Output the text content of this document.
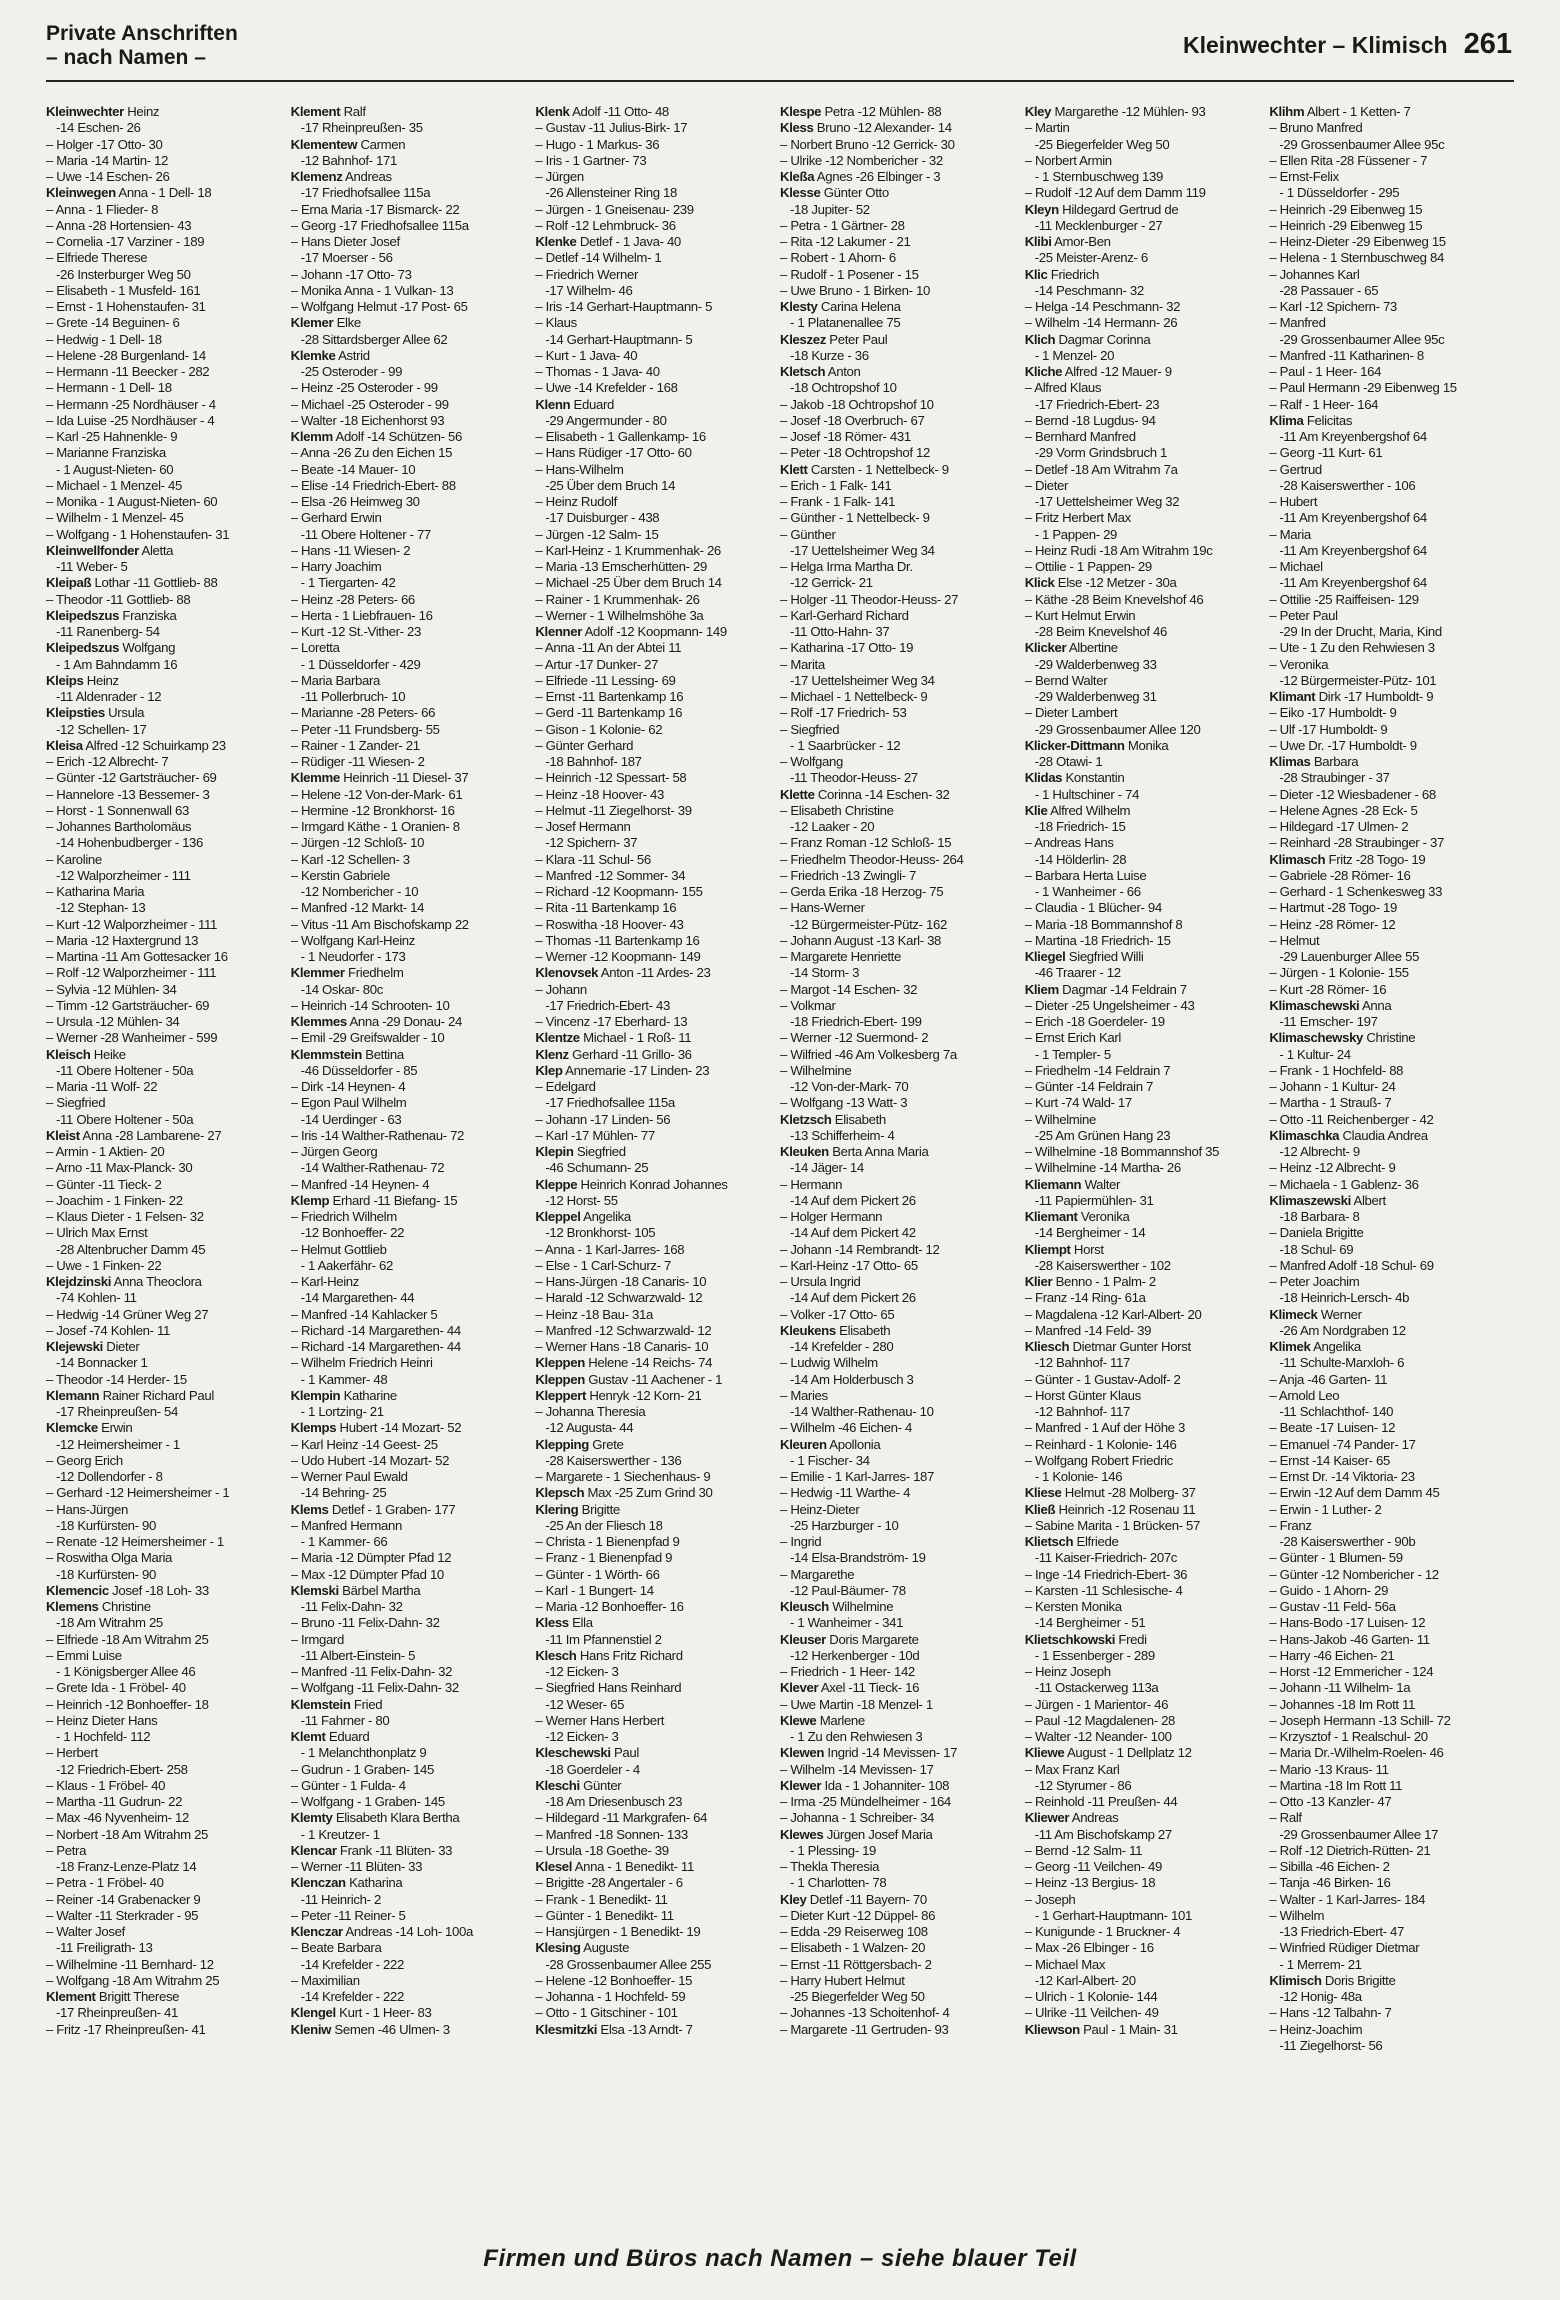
Private Anschriften
– nach Namen –	Kleinwechter – Klimisch 261
Kleinwechter Heinz
-14 Eschen- 26
– Holger -17 Otto- 30
– Maria -14 Martin- 12
– Uwe -14 Eschen- 26
Kleinwegen Anna - 1 Dell- 18
– Anna - 1 Flieder- 8
– Anna -28 Hortensien- 43
– Cornelia -17 Varziner - 189
– Elfriede Therese
-26 Insterburger Weg 50
– Elisabeth - 1 Musfeld- 161
– Ernst - 1 Hohenstaufen- 31
– Grete -14 Beguinen- 6
– Hedwig - 1 Dell- 18
– Helene -28 Burgenland- 14
– Hermann -11 Beecker - 282
– Hermann - 1 Dell- 18
– Hermann -25 Nordhäuser - 4
– Ida Luise -25 Nordhäuser - 4
– Karl -25 Hahnenkle- 9
– Marianne Franziska
- 1 August-Nieten- 60
– Michael - 1 Menzel- 45
– Monika - 1 August-Nieten- 60
– Wilhelm - 1 Menzel- 45
– Wolfgang - 1 Hohenstaufen- 31
Kleinwellfonder Aletta
-11 Weber- 5
Kleipaß Lothar -11 Gottlieb- 88
– Theodor -11 Gottlieb- 88
Kleipedszus Franziska
-11 Ranenberg- 54
Kleipedszus Wolfgang
- 1 Am Bahndamm 16
Kleips Heinz
-11 Aldenrader - 12
Kleipsties Ursula
-12 Schellen- 17
Kleisa Alfred -12 Schuirkamp 23
– Erich -12 Albrecht- 7
– Günter -12 Gartsträucher- 69
– Hannelore -13 Bessemer- 3
– Horst - 1 Sonnenwall 63
– Johannes Bartholomäus
-14 Hohenbudberger - 136
– Karoline
-12 Walporzheimer - 111
– Katharina Maria
-12 Stephan- 13
– Kurt -12 Walporzheimer - 111
– Maria -12 Haxtergrund 13
– Martina -11 Am Gottesacker 16
– Rolf -12 Walporzheimer - 111
– Sylvia -12 Mühlen- 34
– Timm -12 Gartsträucher- 69
– Ursula -12 Mühlen- 34
– Werner -28 Wanheimer - 599
Kleisch Heike
-11 Obere Holtener - 50a
– Maria -11 Wolf- 22
– Siegfried
-11 Obere Holtener - 50a
Kleist Anna -28 Lambarene- 27
– Armin - 1 Aktien- 20
– Arno -11 Max-Planck- 30
– Günter -11 Tieck- 2
– Joachim - 1 Finken- 22
– Klaus Dieter - 1 Felsen- 32
– Ulrich Max Ernst
-28 Altenbrucher Damm 45
– Uwe - 1 Finken- 22
Klejdzinski Anna Theoclora
-74 Kohlen- 11
– Hedwig -14 Grüner Weg 27
– Josef -74 Kohlen- 11
Klejewski Dieter
-14 Bonnacker 1
– Theodor -14 Herder- 15
Klemann Rainer Richard Paul
-17 Rheinpreußen- 54
Klemcke Erwin
-12 Heimersheimer - 1
– Georg Erich
-12 Dollendorfer - 8
– Gerhard -12 Heimersheimer - 1
– Hans-Jürgen
-18 Kurfürsten- 90
– Renate -12 Heimersheimer - 1
– Roswitha Olga Maria
-18 Kurfürsten- 90
Klemencic Josef -18 Loh- 33
Klemens Christine
-18 Am Witrahm 25
– Elfriede -18 Am Witrahm 25
– Emmi Luise
- 1 Königsberger Allee 46
– Grete Ida - 1 Fröbel- 40
– Heinrich -12 Bonhoeffer- 18
– Heinz Dieter Hans
- 1 Hochfeld- 112
– Herbert
-12 Friedrich-Ebert- 258
– Klaus - 1 Fröbel- 40
– Martha -11 Gudrun- 22
– Max -46 Nyvenheim- 12
– Norbert -18 Am Witrahm 25
– Petra
-18 Franz-Lenze-Platz 14
– Petra - 1 Fröbel- 40
– Reiner -14 Grabenacker 9
– Walter -11 Sterkrader - 95
– Walter Josef
-11 Freiligrath- 13
– Wilhelmine -11 Bernhard- 12
– Wolfgang -18 Am Witrahm 25
Klement Brigitt Therese
-17 Rheinpreußen- 41
– Fritz -17 Rheinpreußen- 41
Klement Ralf
-17 Rheinpreußen- 35
Klementew Carmen
-12 Bahnhof- 171
Klemenz Andreas
-17 Friedhofsallee 115a
– Erna Maria -17 Bismarck- 22
– Georg -17 Friedhofsallee 115a
– Hans Dieter Josef
-17 Moerser - 56
– Johann -17 Otto- 73
– Monika Anna - 1 Vulkan- 13
– Wolfgang Helmut -17 Post- 65
Klemer Elke
-28 Sittardsberger Allee 62
Klemke Astrid
-25 Osteroder - 99
– Heinz -25 Osteroder - 99
– Michael -25 Osteroder - 99
– Walter -18 Eichenhorst 93
Klemm Adolf -14 Schützen- 56
– Anna -26 Zu den Eichen 15
– Beate -14 Mauer- 10
– Elise -14 Friedrich-Ebert- 88
– Elsa -26 Heimweg 30
– Gerhard Erwin
-11 Obere Holtener - 77
– Hans -11 Wiesen- 2
– Harry Joachim
- 1 Tiergarten- 42
– Heinz -28 Peters- 66
– Herta - 1 Liebfrauen- 16
– Kurt -12 St.-Vither- 23
– Loretta
- 1 Düsseldorfer - 429
– Maria Barbara
-11 Pollerbruch- 10
– Marianne -28 Peters- 66
– Peter -11 Frundsberg- 55
– Rainer - 1 Zander- 21
– Rüdiger -11 Wiesen- 2
Klemme Heinrich -11 Diesel- 37
– Helene -12 Von-der-Mark- 61
– Hermine -12 Bronkhorst- 16
– Irmgard Käthe - 1 Oranien- 8
– Jürgen -12 Schloß- 10
– Karl -12 Schellen- 3
– Kerstin Gabriele
-12 Nombericher - 10
– Manfred -12 Markt- 14
– Vitus -11 Am Bischofskamp 22
– Wolfgang Karl-Heinz
- 1 Neudorfer - 173
Klemmer Friedhelm
-14 Oskar- 80c
– Heinrich -14 Schrooten- 10
Klemmes Anna -29 Donau- 24
– Emil -29 Greifswalder - 10
Klemmstein Bettina
-46 Düsseldorfer - 85
– Dirk -14 Heynen- 4
– Egon Paul Wilhelm
-14 Uerdinger - 63
– Iris -14 Walther-Rathenau- 72
– Jürgen Georg
-14 Walther-Rathenau- 72
– Manfred -14 Heynen- 4
Klemp Erhard -11 Biefang- 15
– Friedrich Wilhelm
-12 Bonhoeffer- 22
– Helmut Gottlieb
- 1 Aakerfähr- 62
– Karl-Heinz
-14 Margarethen- 44
– Manfred -14 Kahlacker 5
– Richard -14 Margarethen- 44
– Richard -14 Margarethen- 44
– Wilhelm Friedrich Heinri
- 1 Kammer- 48
Klempin Katharine
- 1 Lortzing- 21
Klemps Hubert -14 Mozart- 52
– Karl Heinz -14 Geest- 25
– Udo Hubert -14 Mozart- 52
– Werner Paul Ewald
-14 Behring- 25
Klems Detlef - 1 Graben- 177
– Manfred Hermann
- 1 Kammer- 66
– Maria -12 Dümpter Pfad 12
– Max -12 Dümpter Pfad 10
Klemski Bärbel Martha
-11 Felix-Dahn- 32
– Bruno -11 Felix-Dahn- 32
– Irmgard
-11 Albert-Einstein- 5
– Manfred -11 Felix-Dahn- 32
– Wolfgang -11 Felix-Dahn- 32
Klemstein Fried
-11 Fahrner - 80
Klemt Eduard
- 1 Melanchthonplatz 9
– Gudrun - 1 Graben- 145
– Günter - 1 Fulda- 4
– Wolfgang - 1 Graben- 145
Klemty Elisabeth Klara Bertha
- 1 Kreutzer- 1
Klencar Frank -11 Blüten- 33
– Werner -11 Blüten- 33
Klenczan Katharina
-11 Heinrich- 2
– Peter -11 Reiner- 5
Klenczar Andreas -14 Loh- 100a
– Beate Barbara
-14 Krefelder - 222
– Maximilian
-14 Krefelder - 222
Klengel Kurt - 1 Heer- 83
Kleniw Semen -46 Ulmen- 3
Klenk Adolf -11 Otto- 48
– Gustav -11 Julius-Birk- 17
– Hugo - 1 Markus- 36
– Iris - 1 Gartner- 73
– Jürgen
-26 Allensteiner Ring 18
– Jürgen - 1 Gneisenau- 239
– Rolf -12 Lehmbruck- 36
Klenke Detlef - 1 Java- 40
– Detlef -14 Wilhelm- 1
– Friedrich Werner
-17 Wilhelm- 46
– Iris -14 Gerhart-Hauptmann- 5
– Klaus
-14 Gerhart-Hauptmann- 5
– Kurt - 1 Java- 40
– Thomas - 1 Java- 40
– Uwe -14 Krefelder - 168
Klenn Eduard
-29 Angermunder - 80
– Elisabeth - 1 Gallenkamp- 16
– Hans Rüdiger -17 Otto- 60
– Hans-Wilhelm
-25 Über dem Bruch 14
– Heinz Rudolf
-17 Duisburger - 438
– Jürgen -12 Salm- 15
– Karl-Heinz - 1 Krummenhak- 26
– Maria -13 Emscherhütten- 29
– Michael -25 Über dem Bruch 14
– Rainer - 1 Krummenhak- 26
– Werner - 1 Wilhelmshöhe 3a
Klenner Adolf -12 Koopmann- 149
– Anna -11 An der Abtei 11
– Artur -17 Dunker- 27
– Elfriede -11 Lessing- 69
– Ernst -11 Bartenkamp 16
– Gerd -11 Bartenkamp 16
– Gison - 1 Kolonie- 62
– Günter Gerhard
-18 Bahnhof- 187
– Heinrich -12 Spessart- 58
– Heinz -18 Hoover- 43
– Helmut -11 Ziegelhorst- 39
– Josef Hermann
-12 Spichern- 37
– Klara -11 Schul- 56
– Manfred -12 Sommer- 34
– Richard -12 Koopmann- 155
– Rita -11 Bartenkamp 16
– Roswitha -18 Hoover- 43
– Thomas -11 Bartenkamp 16
– Werner -12 Koopmann- 149
Klenovsek Anton -11 Ardes- 23
– Johann
-17 Friedrich-Ebert- 43
– Vincenz -17 Eberhard- 13
Klentze Michael - 1 Roß- 11
Klenz Gerhard -11 Grillo- 36
Klep Annemarie -17 Linden- 23
– Edelgard
-17 Friedhofsallee 115a
– Johann -17 Linden- 56
– Karl -17 Mühlen- 77
Klepin Siegfried
-46 Schumann- 25
Kleppe Heinrich Konrad Johannes
-12 Horst- 55
Kleppel Angelika
-12 Bronkhorst- 105
– Anna - 1 Karl-Jarres- 168
– Else - 1 Carl-Schurz- 7
– Hans-Jürgen -18 Canaris- 10
– Harald -12 Schwarzwald- 12
– Heinz -18 Bau- 31a
– Manfred -12 Schwarzwald- 12
– Werner Hans -18 Canaris- 10
Kleppen Helene -14 Reichs- 74
Kleppen Gustav -11 Aachener - 1
Kleppert Henryk -12 Korn- 21
– Johanna Theresia
-12 Augusta- 44
Klepping Grete
-28 Kaiserswerther - 136
– Margarete - 1 Siechenhaus- 9
Klepsch Max -25 Zum Grind 30
Klering Brigitte
-25 An der Fliesch 18
– Christa - 1 Bienenpfad 9
– Franz - 1 Bienenpfad 9
– Günter - 1 Wörth- 66
– Karl - 1 Bungert- 14
– Maria -12 Bonhoeffer- 16
Kless Ella
-11 Im Pfannenstiel 2
Klesch Hans Fritz Richard
-12 Eicken- 3
– Siegfried Hans Reinhard
-12 Weser- 65
– Werner Hans Herbert
-12 Eicken- 3
Kleschewski Paul
-18 Goerdeler - 4
Kleschi Günter
-18 Am Driesenbusch 23
– Hildegard -11 Markgrafen- 64
– Manfred -18 Sonnen- 133
– Ursula -18 Goethe- 39
Klesel Anna - 1 Benedikt- 11
– Brigitte -28 Angertaler - 6
– Frank - 1 Benedikt- 11
– Günter - 1 Benedikt- 11
– Hansjürgen - 1 Benedikt- 19
Klesing Auguste
-28 Grossenbaumer Allee 255
– Helene -12 Bonhoeffer- 15
– Johanna - 1 Hochfeld- 59
– Otto - 1 Gitschiner - 101
Klesmitzki Elsa -13 Arndt- 7
Klespe Petra -12 Mühlen- 88
Kless Bruno -12 Alexander- 14
– Norbert Bruno -12 Gerrick- 30
– Ulrike -12 Nombericher - 32
Kleßa Agnes -26 Elbinger - 3
Klesse Günter Otto
-18 Jupiter- 52
– Petra - 1 Gärtner- 28
– Rita -12 Lakumer - 21
– Robert - 1 Ahorn- 6
– Rudolf - 1 Posener - 15
– Uwe Bruno - 1 Birken- 10
Klesty Carina Helena
- 1 Platanenallee 75
Kleszez Peter Paul
-18 Kurze - 36
Kletsch Anton
-18 Ochtropshof 10
– Jakob -18 Ochtropshof 10
– Josef -18 Overbruch- 67
– Josef -18 Römer- 431
– Peter -18 Ochtropshof 12
Klett Carsten - 1 Nettelbeck- 9
– Erich - 1 Falk- 141
– Frank - 1 Falk- 141
– Günther - 1 Nettelbeck- 9
– Günther
-17 Uettelsheimer Weg 34
– Helga Irma Martha Dr.
-12 Gerrick- 21
– Holger -11 Theodor-Heuss- 27
– Karl-Gerhard Richard
-11 Otto-Hahn- 37
– Katharina -17 Otto- 19
– Marita
-17 Uettelsheimer Weg 34
– Michael - 1 Nettelbeck- 9
– Rolf -17 Friedrich- 53
– Siegfried
- 1 Saarbrücker - 12
– Wolfgang
-11 Theodor-Heuss- 27
Klette Corinna -14 Eschen- 32
– Elisabeth Christine
-12 Laaker - 20
– Franz Roman -12 Schloß- 15
– Friedhelm Theodor-Heuss- 264
– Friedrich -13 Zwingli- 7
– Gerda Erika -18 Herzog- 75
– Hans-Werner
-12 Bürgermeister-Pütz- 162
– Johann August -13 Karl- 38
– Margarete Henriette
-14 Storm- 3
– Margot -14 Eschen- 32
– Volkmar
-18 Friedrich-Ebert- 199
– Werner -12 Suermond- 2
– Wilfried -46 Am Volkesberg 7a
– Wilhelmine
-12 Von-der-Mark- 70
– Wolfgang -13 Watt- 3
Kletzsch Elisabeth
-13 Schifferheim- 4
Kleuken Berta Anna Maria
-14 Jäger- 14
– Hermann
-14 Auf dem Pickert 26
– Holger Hermann
-14 Auf dem Pickert 42
– Johann -14 Rembrandt- 12
– Karl-Heinz -17 Otto- 65
– Ursula Ingrid
-14 Auf dem Pickert 26
– Volker -17 Otto- 65
Kleukens Elisabeth
-14 Krefelder - 280
– Ludwig Wilhelm
-14 Am Holderbusch 3
– Maries
-14 Walther-Rathenau- 10
– Wilhelm -46 Eichen- 4
Kleuren Apollonia
- 1 Fischer- 34
– Emilie - 1 Karl-Jarres- 187
– Hedwig -11 Warthe- 4
– Heinz-Dieter
-25 Harzburger - 10
– Ingrid
-14 Elsa-Brandström- 19
– Margarethe
-12 Paul-Bäumer- 78
Kleusch Wilhelmine
- 1 Wanheimer - 341
Kleuser Doris Margarete
-12 Herkenberger - 10d
– Friedrich - 1 Heer- 142
Klever Axel -11 Tieck- 16
– Uwe Martin -18 Menzel- 1
Klewe Marlene
- 1 Zu den Rehwiesen 3
Klewen Ingrid -14 Mevissen- 17
– Wilhelm -14 Mevissen- 17
Klewer Ida - 1 Johanniter- 108
– Irma -25 Mündelheimer - 164
– Johanna - 1 Schreiber- 34
Klewes Jürgen Josef Maria
- 1 Plessing- 19
– Thekla Theresia
- 1 Charlotten- 78
Kley Detlef -11 Bayern- 70
– Dieter Kurt -12 Düppel- 86
– Edda -29 Reiserweg 108
– Elisabeth - 1 Walzen- 20
– Ernst -11 Röttgersbach- 2
– Harry Hubert Helmut
-25 Biegerfelder Weg 50
– Johannes -13 Schoitenhof- 4
– Margarete -11 Gertruden- 93
Kley Margarethe -12 Mühlen- 93
– Martin
-25 Biegerfelder Weg 50
– Norbert Armin
- 1 Sternbuschweg 139
– Rudolf -12 Auf dem Damm 119
Kleyn Hildegard Gertrud de
-11 Mecklenburger - 27
Klibi Amor-Ben
-25 Meister-Arenz- 6
Klic Friedrich
-14 Peschmann- 32
– Helga -14 Peschmann- 32
– Wilhelm -14 Hermann- 26
Klich Dagmar Corinna
- 1 Menzel- 20
Kliche Alfred -12 Mauer- 9
– Alfred Klaus
-17 Friedrich-Ebert- 23
– Bernd -18 Lugdus- 94
– Bernhard Manfred
-29 Vorm Grindsbruch 1
– Detlef -18 Am Witrahm 7a
– Dieter
-17 Uettelsheimer Weg 32
– Fritz Herbert Max
- 1 Pappen- 29
– Heinz Rudi -18 Am Witrahm 19c
– Ottilie - 1 Pappen- 29
Klick Else -12 Metzer - 30a
– Käthe -28 Beim Knevelshof 46
– Kurt Helmut Erwin
-28 Beim Knevelshof 46
Klicker Albertine
-29 Walderbenweg 33
– Bernd Walter
-29 Walderbenweg 31
– Dieter Lambert
-29 Grossenbaumer Allee 120
Klicker-Dittmann Monika
-28 Otawi- 1
Klidas Konstantin
- 1 Hultschiner - 74
Klie Alfred Wilhelm
-18 Friedrich- 15
– Andreas Hans
-14 Hölderlin- 28
– Barbara Herta Luise
- 1 Wanheimer - 66
– Claudia - 1 Blücher- 94
– Maria -18 Bommannshof 8
– Martina -18 Friedrich- 15
Kliegel Siegfried Willi
-46 Traarer - 12
Kliem Dagmar -14 Feldrain 7
– Dieter -25 Ungelsheimer - 43
– Erich -18 Goerdeler- 19
– Ernst Erich Karl
- 1 Templer- 5
– Friedhelm -14 Feldrain 7
– Günter -14 Feldrain 7
– Kurt -74 Wald- 17
– Wilhelmine
-25 Am Grünen Hang 23
– Wilhelmine -18 Bommannshof 35
– Wilhelmine -14 Martha- 26
Kliemann Walter
-11 Papiermühlen- 31
Kliemant Veronika
-14 Bergheimer - 14
Kliempt Horst
-28 Kaiserswerther - 102
Klier Benno - 1 Palm- 2
– Franz -14 Ring- 61a
– Magdalena -12 Karl-Albert- 20
– Manfred -14 Feld- 39
Kliesch Dietmar Gunter Horst
-12 Bahnhof- 117
– Günter - 1 Gustav-Adolf- 2
– Horst Günter Klaus
-12 Bahnhof- 117
– Manfred - 1 Auf der Höhe 3
– Reinhard - 1 Kolonie- 146
– Wolfgang Robert Friedric
- 1 Kolonie- 146
Kliese Helmut -28 Molberg- 37
Kließ Heinrich -12 Rosenau 11
– Sabine Marita - 1 Brücken- 57
Klietsch Elfriede
-11 Kaiser-Friedrich- 207c
– Inge -14 Friedrich-Ebert- 36
– Karsten -11 Schlesische- 4
– Kersten Monika
-14 Bergheimer - 51
Klietschkowski Fredi
- 1 Essenberger - 289
– Heinz Joseph
-11 Ostackerweg 113a
– Jürgen - 1 Marientor- 46
– Paul -12 Magdalenen- 28
– Walter -12 Neander- 100
Kliewe August - 1 Dellplatz 12
– Max Franz Karl
-12 Styrumer - 86
– Reinhold -11 Preußen- 44
Kliewer Andreas
-11 Am Bischofskamp 27
– Bernd -12 Salm- 11
– Georg -11 Veilchen- 49
– Heinz -13 Bergius- 18
– Joseph
- 1 Gerhart-Hauptmann- 101
– Kunigunde - 1 Bruckner- 4
– Max -26 Elbinger - 16
– Michael Max
-12 Karl-Albert- 20
– Ulrich - 1 Kolonie- 144
– Ulrike -11 Veilchen- 49
Kliewson Paul - 1 Main- 31
Klihm Albert - 1 Ketten- 7
– Bruno Manfred
-29 Grossenbaumer Allee 95c
– Ellen Rita -28 Füssener - 7
– Ernst-Felix
- 1 Düsseldorfer - 295
– Heinrich -29 Eibenweg 15
– Heinrich -29 Eibenweg 15
– Heinz-Dieter -29 Eibenweg 15
– Helena - 1 Sternbuschweg 84
– Johannes Karl
-28 Passauer - 65
– Karl -12 Spichern- 73
– Manfred
-29 Grossenbaumer Allee 95c
– Manfred -11 Katharinen- 8
– Paul - 1 Heer- 164
– Paul Hermann -29 Eibenweg 15
– Ralf - 1 Heer- 164
Klima Felicitas
-11 Am Kreyenbergshof 64
– Georg -11 Kurt- 61
– Gertrud
-28 Kaiserswerther - 106
– Hubert
-11 Am Kreyenbergshof 64
– Maria
-11 Am Kreyenbergshof 64
– Michael
-11 Am Kreyenbergshof 64
– Ottilie -25 Raiffeisen- 129
– Peter Paul
-29 In der Drucht, Maria, Kind
– Ute - 1 Zu den Rehwiesen 3
– Veronika
-12 Bürgermeister-Pütz- 101
Klimant Dirk -17 Humboldt- 9
– Eiko -17 Humboldt- 9
– Ulf -17 Humboldt- 9
– Uwe Dr. -17 Humboldt- 9
Klimas Barbara
-28 Straubinger - 37
– Dieter -12 Wiesbadener - 68
– Helene Agnes -28 Eck- 5
– Hildegard -17 Ulmen- 2
– Reinhard -28 Straubinger - 37
Klimasch Fritz -28 Togo- 19
– Gabriele -28 Römer- 16
– Gerhard - 1 Schenkesweg 33
– Hartmut -28 Togo- 19
– Heinz -28 Römer- 12
– Helmut
-29 Lauenburger Allee 55
– Jürgen - 1 Kolonie- 155
– Kurt -28 Römer- 16
Klimaschewski Anna
-11 Emscher- 197
Klimaschewsky Christine
- 1 Kultur- 24
– Frank - 1 Hochfeld- 88
– Johann - 1 Kultur- 24
– Martha - 1 Strauß- 7
– Otto -11 Reichenberger - 42
Klimaschka Claudia Andrea
-12 Albrecht- 9
– Heinz -12 Albrecht- 9
– Michaela - 1 Gablenz- 36
Klimaszewski Albert
-18 Barbara- 8
– Daniela Brigitte
-18 Schul- 69
– Manfred Adolf -18 Schul- 69
– Peter Joachim
-18 Heinrich-Lersch- 4b
Klimeck Werner
-26 Am Nordgraben 12
Klimek Angelika
-11 Schulte-Marxloh- 6
– Anja -46 Garten- 11
– Arnold Leo
-11 Schlachthof- 140
– Beate -17 Luisen- 12
– Emanuel -74 Pander- 17
– Ernst -14 Kaiser- 65
– Ernst Dr. -14 Viktoria- 23
– Erwin -12 Auf dem Damm 45
– Erwin - 1 Luther- 2
– Franz
-28 Kaiserswerther - 90b
– Günter - 1 Blumen- 59
– Günter -12 Nombericher - 12
– Guido - 1 Ahorn- 29
– Gustav -11 Feld- 56a
– Hans-Bodo -17 Luisen- 12
– Hans-Jakob -46 Garten- 11
– Harry -46 Eichen- 21
– Horst -12 Emmericher - 124
– Johann -11 Wilhelm- 1a
– Johannes -18 Im Rott 11
– Joseph Hermann -13 Schill- 72
– Krzysztof - 1 Realschul- 20
– Maria Dr.-Wilhelm-Roelen- 46
– Mario -13 Kraus- 11
– Martina -18 Im Rott 11
– Otto -13 Kanzler- 47
– Ralf
-29 Grossenbaumer Allee 17
– Rolf -12 Dietrich-Rütten- 21
– Sibilla -46 Eichen- 2
– Tanja -46 Birken- 16
– Walter - 1 Karl-Jarres- 184
– Wilhelm
-13 Friedrich-Ebert- 47
– Winfried Rüdiger Dietmar
- 1 Merrem- 21
Klimisch Doris Brigitte
-12 Honig- 48a
– Hans -12 Talbahn- 7
– Heinz-Joachim
-11 Ziegelhorst- 56
Firmen und Büros nach Namen – siehe blauer Teil
